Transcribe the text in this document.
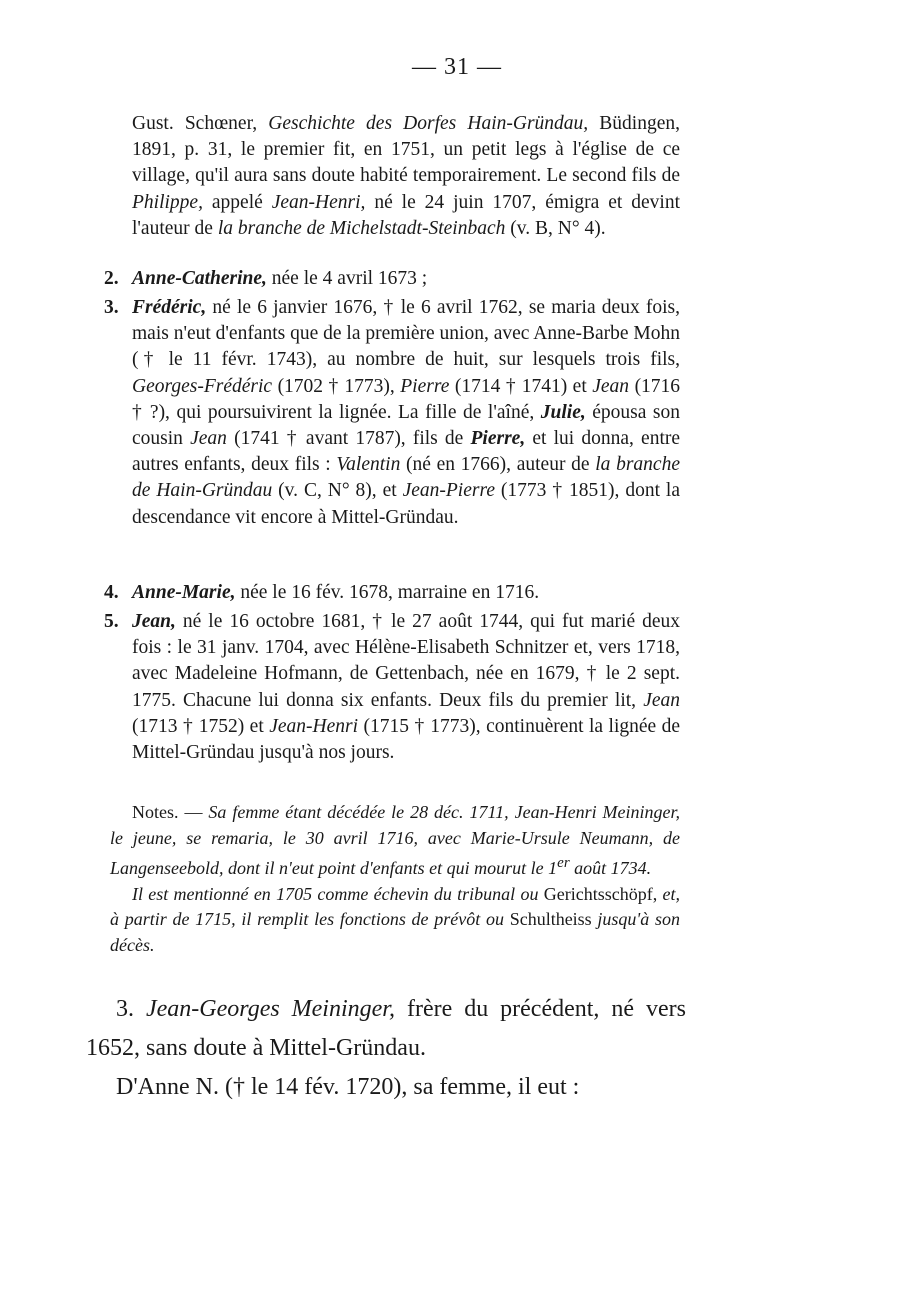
— 31 —

Gust. Schœner, Geschichte des Dorfes Hain-Gründau, Büdingen, 1891, p. 31, le premier fit, en 1751, un petit legs à l'église de ce village, qu'il aura sans doute habité temporairement. Le second fils de Philippe, appelé Jean-Henri, né le 24 juin 1707, émigra et devint l'auteur de la branche de Michelstadt-Steinbach (v. B, N° 4).

2. Anne-Catherine, née le 4 avril 1673 ;
3. Frédéric, né le 6 janvier 1676, † le 6 avril 1762, se maria deux fois, mais n'eut d'enfants que de la première union, avec Anne-Barbe Mohn († le 11 févr. 1743), au nombre de huit, sur lesquels trois fils, Georges-Frédéric (1702 † 1773), Pierre (1714 † 1741) et Jean (1716 † ?), qui poursuivirent la lignée. La fille de l'aîné, Julie, épousa son cousin Jean (1741 † avant 1787), fils de Pierre, et lui donna, entre autres enfants, deux fils : Valentin (né en 1766), auteur de la branche de Hain-Gründau (v. C, N° 8), et Jean-Pierre (1773 † 1851), dont la descendance vit encore à Mittel-Gründau.
4. Anne-Marie, née le 16 fév. 1678, marraine en 1716.
5. Jean, né le 16 octobre 1681, † le 27 août 1744, qui fut marié deux fois : le 31 janv. 1704, avec Hélène-Elisabeth Schnitzer et, vers 1718, avec Madeleine Hofmann, de Gettenbach, née en 1679, † le 2 sept. 1775. Chacune lui donna six enfants. Deux fils du premier lit, Jean (1713 † 1752) et Jean-Henri (1715 † 1773), continuèrent la lignée de Mittel-Gründau jusqu'à nos jours.

Notes. — Sa femme étant décédée le 28 déc. 1711, Jean-Henri Meininger, le jeune, se remaria, le 30 avril 1716, avec Marie-Ursule Neumann, de Langenseebold, dont il n'eut point d'enfants et qui mourut le 1er août 1734.

Il est mentionné en 1705 comme échevin du tribunal ou Gerichtsschöpf, et, à partir de 1715, il remplit les fonctions de prévôt ou Schultheiss jusqu'à son décès.

3. Jean-Georges Meininger, frère du précédent, né vers 1652, sans doute à Mittel-Gründau.

D'Anne N. († le 14 fév. 1720), sa femme, il eut :
